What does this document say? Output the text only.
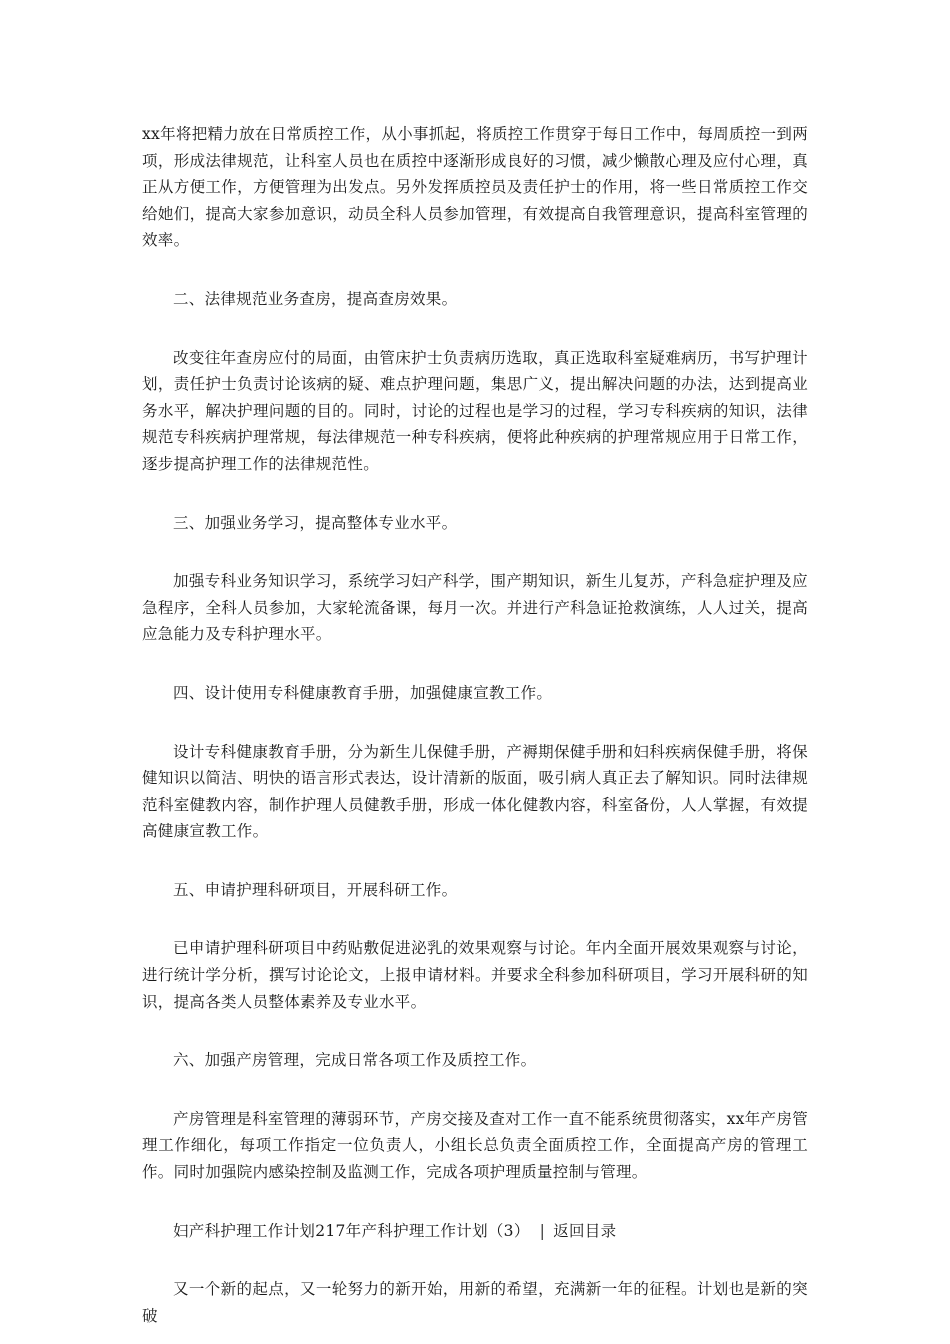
xx年将把精力放在日常质控工作，从小事抓起，将质控工作贯穿于每日工作中，每周质控一到两项，形成法律规范，让科室人员也在质控中逐渐形成良好的习惯，减少懒散心理及应付心理，真正从方便工作，方便管理为出发点。另外发挥质控员及责任护士的作用，将一些日常质控工作交给她们，提高大家参加意识，动员全科人员参加管理，有效提高自我管理意识，提高科室管理的效率。

二、法律规范业务查房，提高查房效果。

改变往年查房应付的局面，由管床护士负责病历选取，真正选取科室疑难病历，书写护理计划，责任护士负责讨论该病的疑、难点护理问题，集思广义，提出解决问题的办法，达到提高业务水平，解决护理问题的目的。同时，讨论的过程也是学习的过程，学习专科疾病的知识，法律规范专科疾病护理常规，每法律规范一种专科疾病，便将此种疾病的护理常规应用于日常工作，逐步提高护理工作的法律规范性。

三、加强业务学习，提高整体专业水平。

加强专科业务知识学习，系统学习妇产科学，围产期知识，新生儿复苏，产科急症护理及应急程序，全科人员参加，大家轮流备课，每月一次。并进行产科急证抢救演练，人人过关，提高应急能力及专科护理水平。

四、设计使用专科健康教育手册，加强健康宣教工作。

设计专科健康教育手册，分为新生儿保健手册，产褥期保健手册和妇科疾病保健手册，将保健知识以简洁、明快的语言形式表达，设计清新的版面，吸引病人真正去了解知识。同时法律规范科室健教内容，制作护理人员健教手册，形成一体化健教内容，科室备份，人人掌握，有效提高健康宣教工作。

五、申请护理科研项目，开展科研工作。

已申请护理科研项目中药贴敷促进泌乳的效果观察与讨论。年内全面开展效果观察与讨论，进行统计学分析，撰写讨论论文，上报申请材料。并要求全科参加科研项目，学习开展科研的知识，提高各类人员整体素养及专业水平。

六、加强产房管理，完成日常各项工作及质控工作。

产房管理是科室管理的薄弱环节，产房交接及查对工作一直不能系统贯彻落实，xx年产房管理工作细化，每项工作指定一位负责人，小组长总负责全面质控工作，全面提高产房的管理工作。同时加强院内感染控制及监测工作，完成各项护理质量控制与管理。

妇产科护理工作计划217年产科护理工作计划（3） | 返回目录

又一个新的起点，又一轮努力的新开始，用新的希望，充满新一年的征程。计划也是新的突破
